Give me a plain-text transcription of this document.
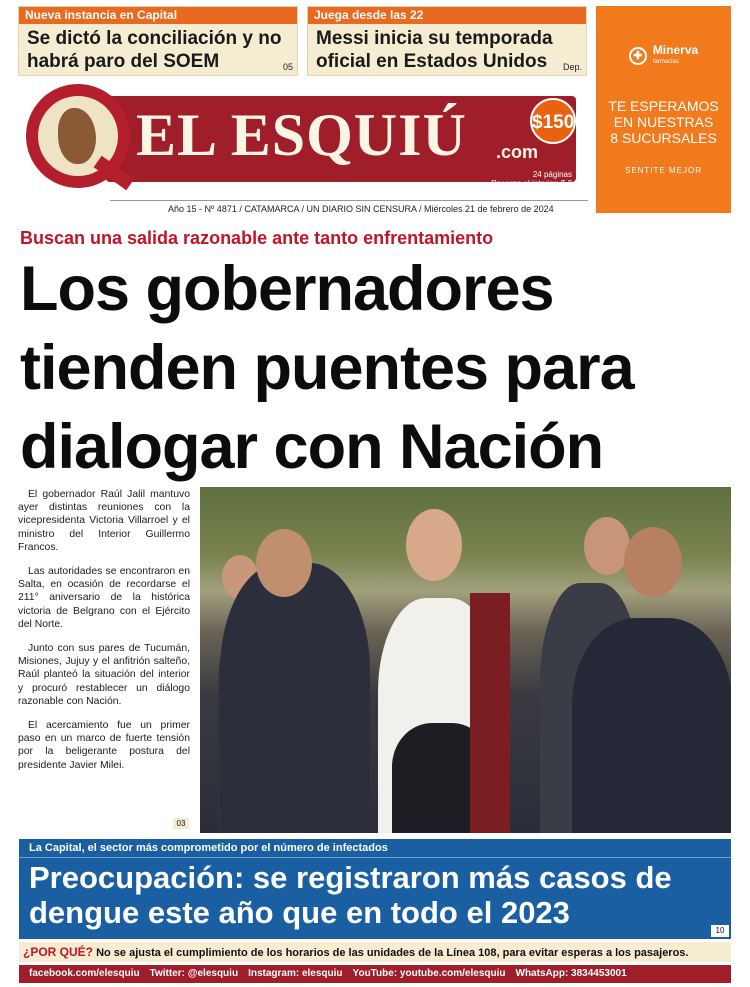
Nueva instancia en Capital
Se dictó la conciliación y no habrá paro del SOEM	05
Juega desde las 22
Messi inicia su temporada oficial en Estados Unidos	Dep.
✚ Minerva
farmacias
TE ESPERAMOS
EN NUESTRAS
8 SUCURSALES
SENTITE MEJOR
EL ESQUIÚ .com
$150
24 páginas
Recargo al interior: $ 2
Año 15 - Nº 4871 / CATAMARCA / UN DIARIO SIN CENSURA / Miércoles 21 de febrero de 2024
Buscan una salida razonable ante tanto enfrentamiento
Los gobernadores tienden puentes para dialogar con Nación

El gobernador Raúl Jalil mantuvo ayer distintas reuniones con la vicepresidenta Victoria Villarroel y el ministro del Interior Guillermo Francos.

Las autoridades se encontraron en Salta, en ocasión de recordarse el 211° aniversario de la histórica victoria de Belgrano con el Ejército del Norte.

Junto con sus pares de Tucumán, Misiones, Jujuy y el anfitrión salteño, Raúl planteó la situación del interior y procuró restablecer un diálogo razonable con Nación.

El acercamiento fue un primer paso en un marco de fuerte tensión por la beligerante postura del presidente Javier Milei.

03
La Capital, el sector más comprometido por el número de infectados
Preocupación: se registraron más casos de dengue este año que en todo el 2023
10
¿POR QUÉ? No se ajusta el cumplimiento de los horarios de las unidades de la Línea 108, para evitar esperas a los pasajeros.
facebook.com/elesquiu Twitter: @elesquiu Instagram: elesquiu YouTube: youtube.com/elesquiu WhatsApp: 3834453001
